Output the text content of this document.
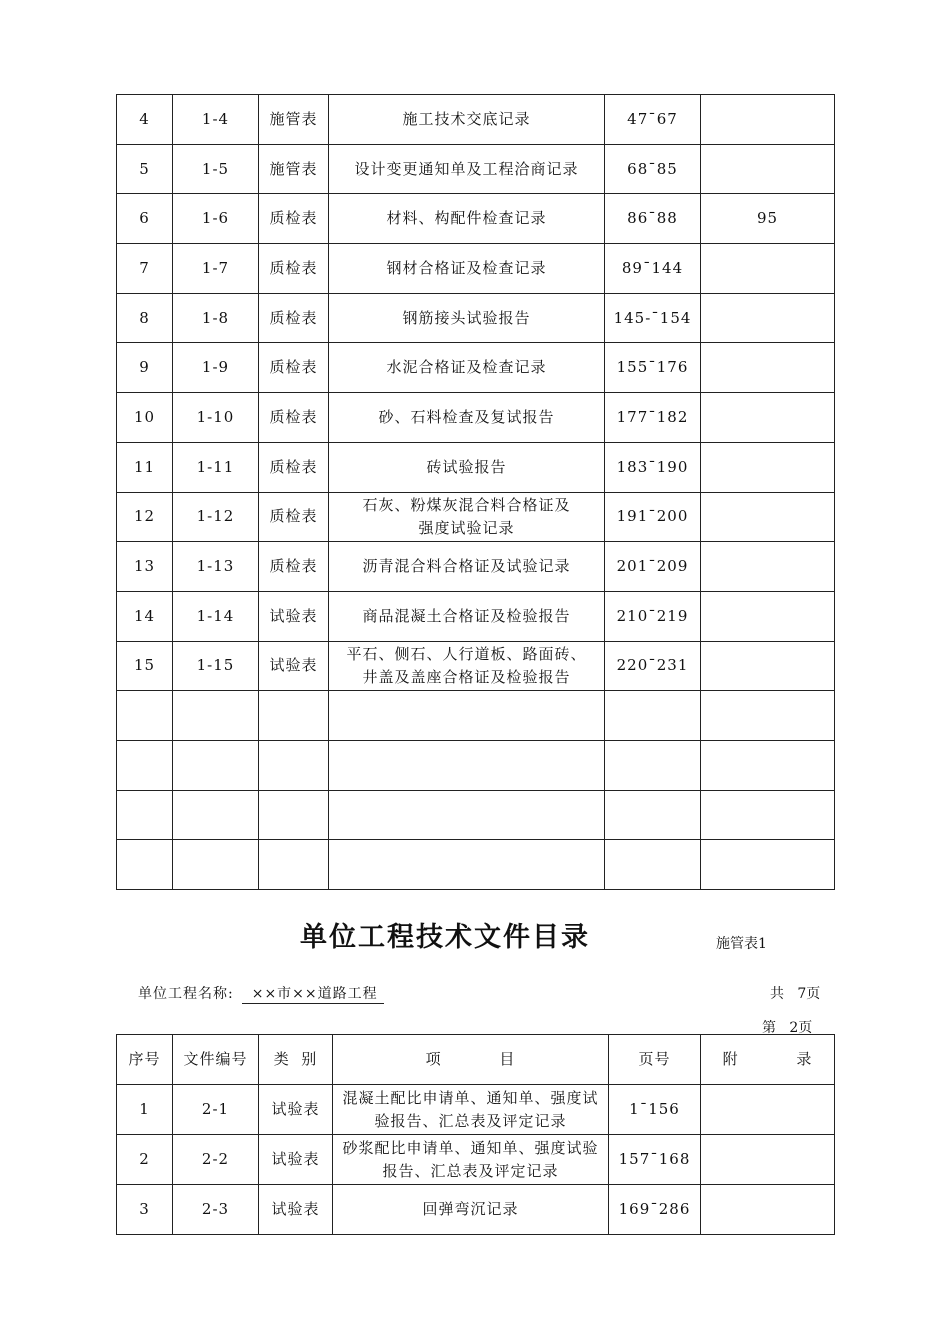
4	1-4	施管表	施工技术交底记录	47¯67	
5	1-5	施管表	设计变更通知单及工程洽商记录	68¯85	
6	1-6	质检表	材料、构配件检查记录	86¯88	95
7	1-7	质检表	钢材合格证及检查记录	89¯144	
8	1-8	质检表	钢筋接头试验报告	145-¯154	
9	1-9	质检表	水泥合格证及检查记录	155¯176	
10	1-10	质检表	砂、石料检查及复试报告	177¯182	
11	1-11	质检表	砖试验报告	183¯190	
12	1-12	质检表	石灰、粉煤灰混合料合格证及
强度试验记录	191¯200	
13	1-13	质检表	沥青混合料合格证及试验记录	201¯209	
14	1-14	试验表	商品混凝土合格证及检验报告	210¯219	
15	1-15	试验表	平石、侧石、人行道板、路面砖、
井盖及盖座合格证及检验报告	220¯231	

单位工程技术文件目录	施管表1
单位工程名称: ××市××道路工程	共   7页
第   2页
序号	文件编号	类  别	项          目	页号	附          录
1	2-1	试验表	混凝土配比申请单、通知单、强度试
验报告、汇总表及评定记录	1¯156	
2	2-2	试验表	砂浆配比申请单、通知单、强度试验
报告、汇总表及评定记录	157¯168	
3	2-3	试验表	回弹弯沉记录	169¯286	
